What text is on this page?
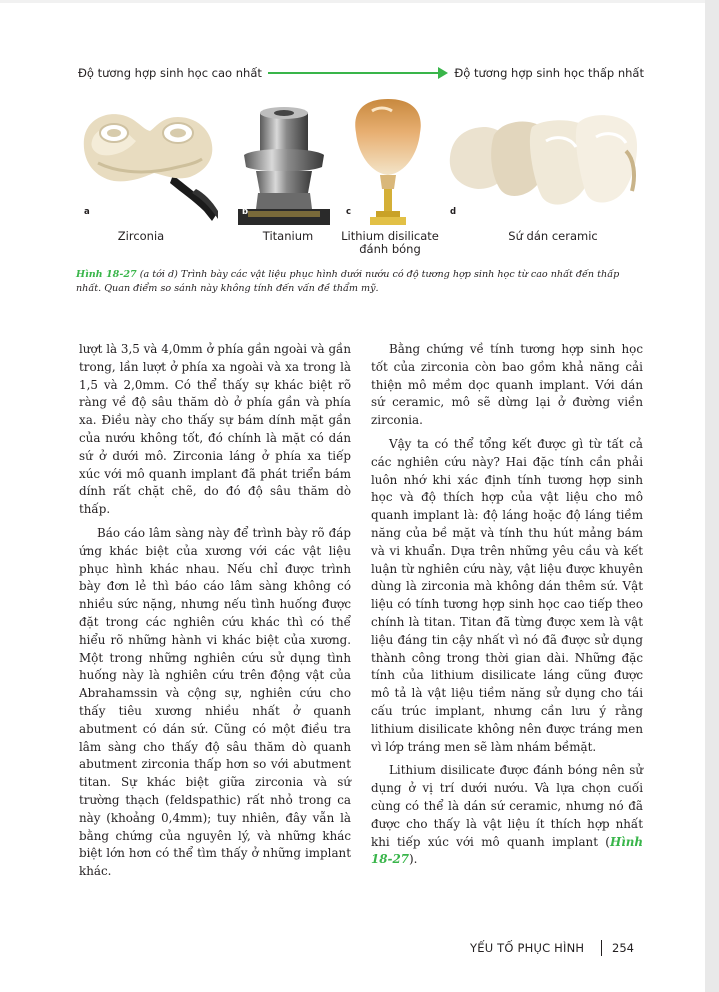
Độ tương hợp sinh học cao nhất	Độ tương hợp sinh học thấp nhất
a	b	c	d
Zirconia	Titanium	Lithium disilicate đánh bóng
Sứ dán ceramic
Hình 18-27 (a tới d) Trình bày các vật liệu phục hình dưới nướu có độ tương hợp sinh học từ cao nhất đến thấp nhất. Quan điểm so sánh này không tính đến vấn đề thẩm mỹ.

lượt là 3,5 và 4,0mm ở phía gần ngoài và gần trong, lần lượt ở phía xa ngoài và xa trong là 1,5 và 2,0mm. Có thể thấy sự khác biệt rõ ràng về độ sâu thăm dò ở phía gần và phía xa. Điều này cho thấy sự bám dính mặt gần của nướu không tốt, đó chính là mặt có dán sứ ở dưới mô. Zirconia láng ở phía xa tiếp xúc với mô quanh implant đã phát triển bám dính rất chặt chẽ, do đó độ sâu thăm dò thấp.

Báo cáo lâm sàng này để trình bày rõ đáp ứng khác biệt của xương với các vật liệu phục hình khác nhau. Nếu chỉ được trình bày đơn lẻ thì báo cáo lâm sàng không có nhiều sức nặng, nhưng nếu tình huống được đặt trong các nghiên cứu khác thì có thể hiểu rõ những hành vi khác biệt của xương. Một trong những nghiên cứu sử dụng tình huống này là nghiên cứu trên động vật của Abrahamssin và cộng sự, nghiên cứu cho thấy tiêu xương nhiều nhất ở quanh abutment có dán sứ. Cũng có một điều tra lâm sàng cho thấy độ sâu thăm dò quanh abutment zirconia thấp hơn so với abutment titan. Sự khác biệt giữa zirconia và sứ trường thạch (feldspathic) rất nhỏ trong ca này (khoảng 0,4mm); tuy nhiên, đây vẫn là bằng chứng của nguyên lý, và những khác biệt lớn hơn có thể tìm thấy ở những implant khác.

Bằng chứng về tính tương hợp sinh học tốt của zirconia còn bao gồm khả năng cải thiện mô mềm dọc quanh implant. Với dán sứ ceramic, mô sẽ dừng lại ở đường viền zirconia.

Vậy ta có thể tổng kết được gì từ tất cả các nghiên cứu này? Hai đặc tính cần phải luôn nhớ khi xác định tính tương hợp sinh học và độ thích hợp của vật liệu cho mô quanh implant là: độ láng hoặc độ láng tiềm năng của bề mặt và tính thu hút mảng bám và vi khuẩn. Dựa trên những yêu cầu và kết luận từ nghiên cứu này, vật liệu được khuyên dùng là zirconia mà không dán thêm sứ. Vật liệu có tính tương hợp sinh học cao tiếp theo chính là titan. Titan đã từng được xem là vật liệu đáng tin cậy nhất vì nó đã được sử dụng thành công trong thời gian dài. Những đặc tính của lithium disilicate láng cũng được mô tả là vật liệu tiềm năng sử dụng cho tái cấu trúc implant, nhưng cần lưu ý rằng lithium disilicate không nên được tráng men vì lớp tráng men sẽ làm nhám bềmặt.

Lithium disilicate được đánh bóng nên sử dụng ở vị trí dưới nướu. Và lựa chọn cuối cùng có thể là dán sứ ceramic, nhưng nó đã được cho thấy là vật liệu ít thích hợp nhất khi tiếp xúc với mô quanh implant (Hình 18-27).

YẾU TỐ PHỤC HÌNH 254
